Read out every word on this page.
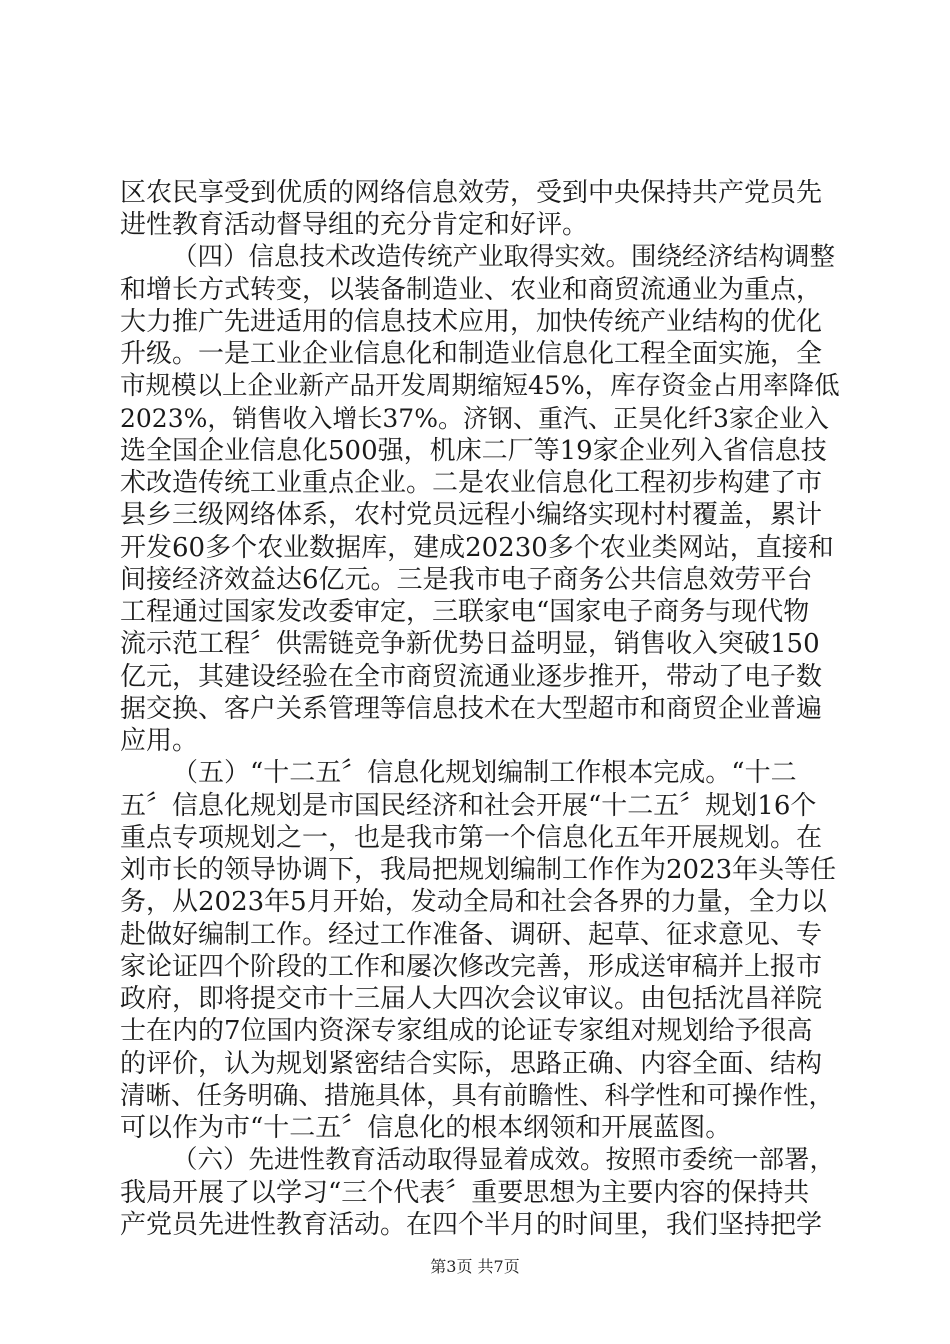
区农民享受到优质的网络信息效劳，受到中央保持共产党员先
进性教育活动督导组的充分肯定和好评。
（四）信息技术改造传统产业取得实效。围绕经济结构调整
和增长方式转变，以装备制造业、农业和商贸流通业为重点，
大力推广先进适用的信息技术应用，加快传统产业结构的优化
升级。一是工业企业信息化和制造业信息化工程全面实施，全
市规模以上企业新产品开发周期缩短45%，库存资金占用率降低
2023%，销售收入增长37%。济钢、重汽、正昊化纤3家企业入
选全国企业信息化500强，机床二厂等19家企业列入省信息技
术改造传统工业重点企业。二是农业信息化工程初步构建了市
县乡三级网络体系，农村党员远程小编络实现村村覆盖，累计
开发60多个农业数据库，建成20230多个农业类网站，直接和
间接经济效益达6亿元。三是我市电子商务公共信息效劳平台
工程通过国家发改委审定，三联家电“国家电子商务与现代物
流示范工程〞供需链竞争新优势日益明显，销售收入突破150
亿元，其建设经验在全市商贸流通业逐步推开，带动了电子数
据交换、客户关系管理等信息技术在大型超市和商贸企业普遍
应用。
（五）“十二五〞信息化规划编制工作根本完成。“十二
五〞信息化规划是市国民经济和社会开展“十二五〞规划16个
重点专项规划之一，也是我市第一个信息化五年开展规划。在
刘市长的领导协调下，我局把规划编制工作作为2023年头等任
务，从2023年5月开始，发动全局和社会各界的力量，全力以
赴做好编制工作。经过工作准备、调研、起草、征求意见、专
家论证四个阶段的工作和屡次修改完善，形成送审稿并上报市
政府，即将提交市十三届人大四次会议审议。由包括沈昌祥院
士在内的7位国内资深专家组成的论证专家组对规划给予很高
的评价，认为规划紧密结合实际，思路正确、内容全面、结构
清晰、任务明确、措施具体，具有前瞻性、科学性和可操作性，
可以作为市“十二五〞信息化的根本纲领和开展蓝图。
（六）先进性教育活动取得显着成效。按照市委统一部署，
我局开展了以学习“三个代表〞重要思想为主要内容的保持共
产党员先进性教育活动。在四个半月的时间里，我们坚持把学
第3页 共7页
